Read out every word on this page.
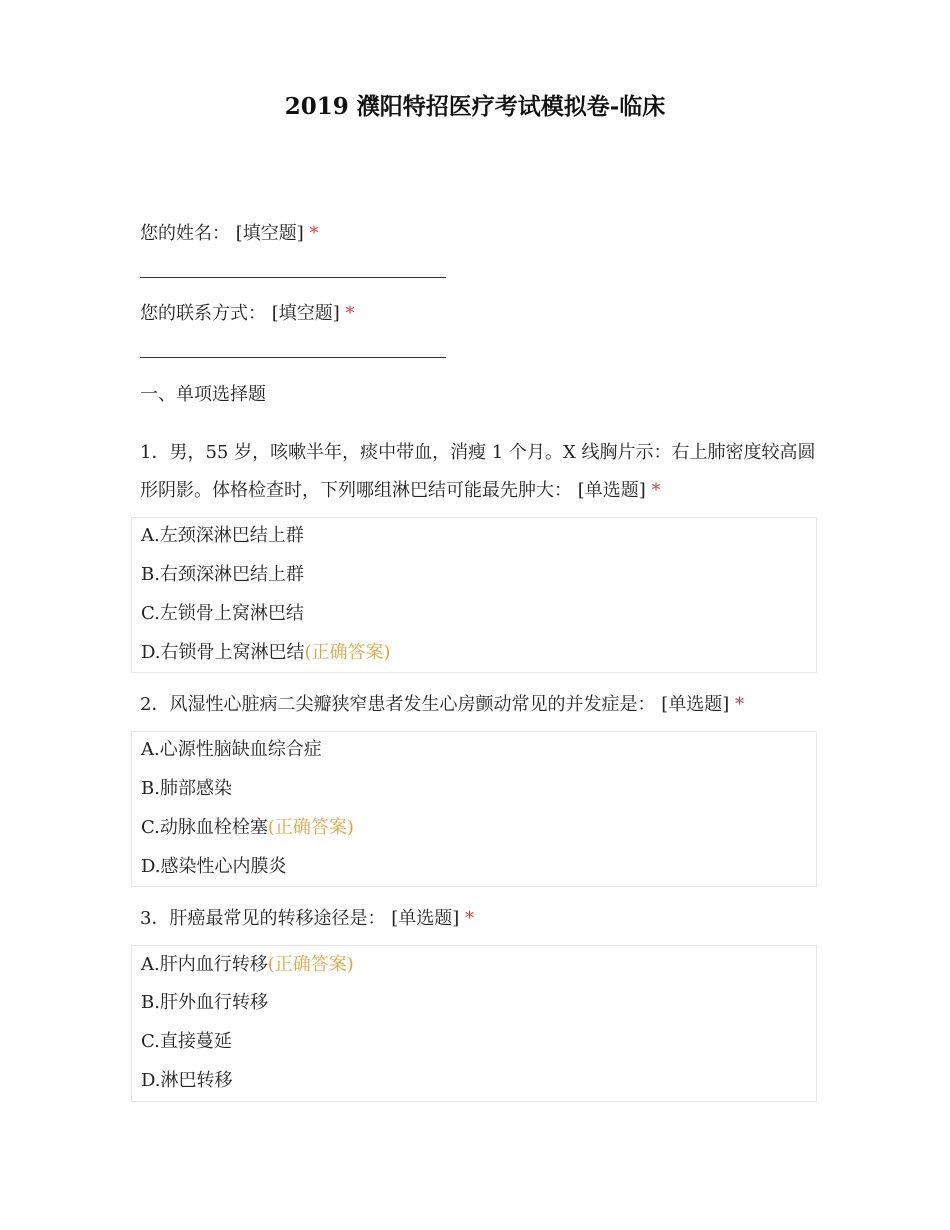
2019 濮阳特招医疗考试模拟卷-临床
您的姓名： [填空题] *
您的联系方式： [填空题] *
一、单项选择题
1．男，55 岁，咳嗽半年，痰中带血，消瘦 1 个月。X 线胸片示：右上肺密度较高圆形阴影。体格检查时，下列哪组淋巴结可能最先肿大： [单选题] *
A.左颈深淋巴结上群
B.右颈深淋巴结上群
C.左锁骨上窝淋巴结
D.右锁骨上窝淋巴结(正确答案)
2．风湿性心脏病二尖瓣狭窄患者发生心房颤动常见的并发症是： [单选题] *
A.心源性脑缺血综合症
B.肺部感染
C.动脉血栓栓塞(正确答案)
D.感染性心内膜炎
3．肝癌最常见的转移途径是： [单选题] *
A.肝内血行转移(正确答案)
B.肝外血行转移
C.直接蔓延
D.淋巴转移
